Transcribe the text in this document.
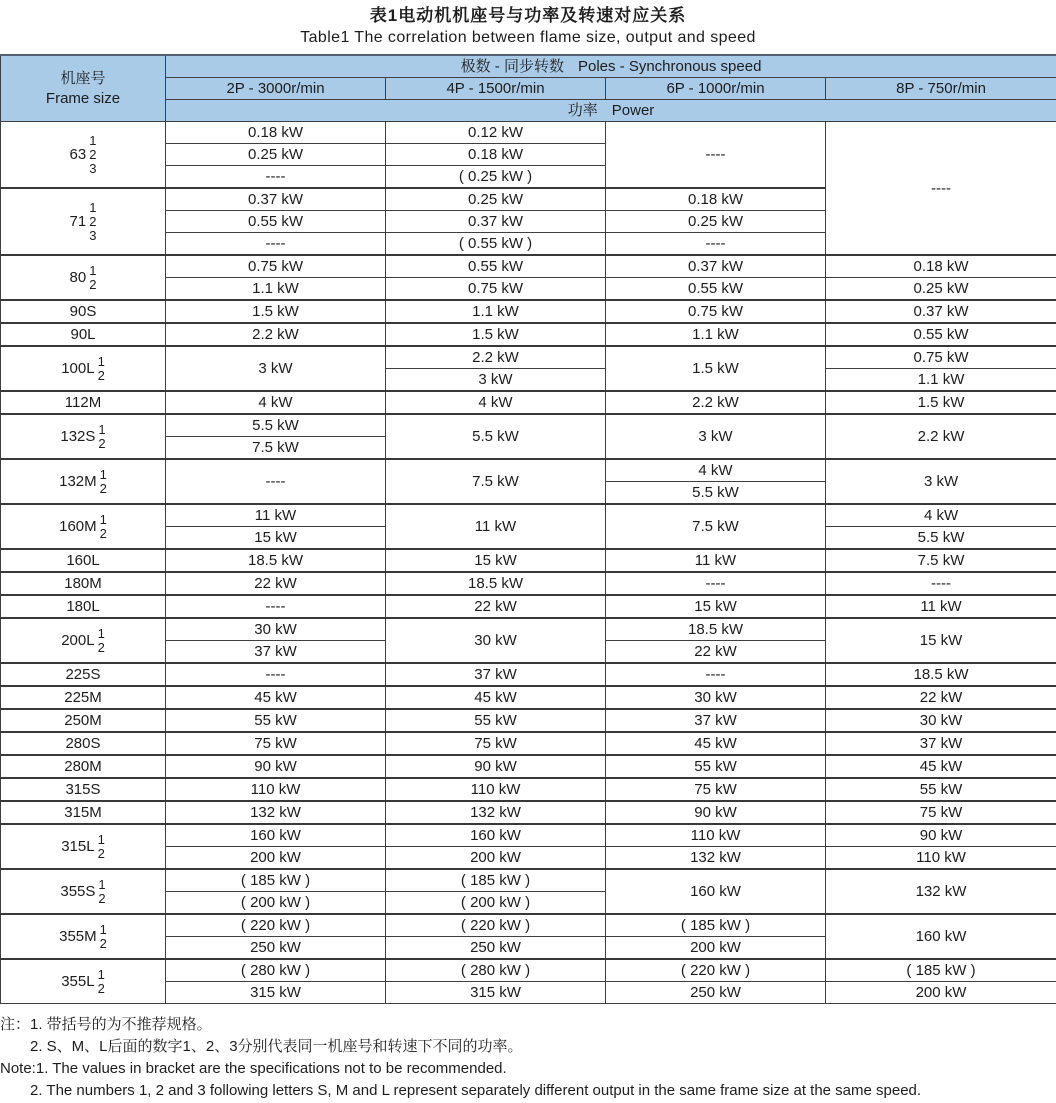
表1电动机机座号与功率及转速对应关系
Table1 The correlation between flame size, output and speed
机座号
Frame size	极数 - 同步转数 Poles - Synchronous speed			
	2P - 3000r/min	4P - 1500r/min	6P - 1000r/min	8P - 750r/min
	功率 Power			

63
1
2
3	0.18 kW	0.12 kW	----	----
	0.25 kW	0.18 kW		
	----	( 0.25 kW )		

71
1
2
3	0.37 kW	0.25 kW	0.18 kW	
	0.55 kW	0.37 kW	0.25 kW	
	----	( 0.55 kW )	----	

80 1
2	0.75 kW	0.55 kW	0.37 kW	0.18 kW
	1.1 kW	0.75 kW	0.55 kW	0.25 kW

90S	1.5 kW	1.1 kW	0.75 kW	0.37 kW

90L	2.2 kW	1.5 kW	1.1 kW	0.55 kW

100L 1
2	3 kW	2.2 kW	1.5 kW	0.75 kW
		3 kW		1.1 kW

112M	4 kW	4 kW	2.2 kW	1.5 kW

132S 1
2	5.5 kW	5.5 kW	3 kW	2.2 kW
	7.5 kW			

132M 1
2	----	7.5 kW	4 kW	3 kW
			5.5 kW	

160M 1
2	11 kW	11 kW	7.5 kW	4 kW
	15 kW			5.5 kW

160L	18.5 kW	15 kW	11 kW	7.5 kW

180M	22 kW	18.5 kW	----	----

180L	----	22 kW	15 kW	11 kW

200L 1
2	30 kW	30 kW	18.5 kW	15 kW
	37 kW		22 kW	

225S	----	37 kW	----	18.5 kW

225M	45 kW	45 kW	30 kW	22 kW

250M	55 kW	55 kW	37 kW	30 kW

280S	75 kW	75 kW	45 kW	37 kW

280M	90 kW	90 kW	55 kW	45 kW

315S	110 kW	110 kW	75 kW	55 kW

315M	132 kW	132 kW	90 kW	75 kW

315L 1
2	160 kW	160 kW	110 kW	90 kW
	200 kW	200 kW	132 kW	110 kW

355S 1
2	( 185 kW )	( 185 kW )	160 kW	132 kW
	( 200 kW )	( 200 kW )		

355M 1
2	( 220 kW )	( 220 kW )	( 185 kW )	160 kW
	250 kW	250 kW	200 kW	

355L 1
2	( 280 kW )	( 280 kW )	( 220 kW )	( 185 kW )
	315 kW	315 kW	250 kW	200 kW
注：1. 带括号的为不推荐规格。
2. S、M、L后面的数字1、2、3分别代表同一机座号和转速下不同的功率。
Note:1. The values in bracket are the specifications not to be recommended.
2. The numbers 1, 2 and 3 following letters S, M and L represent separately different output in the same frame size at the same speed.
